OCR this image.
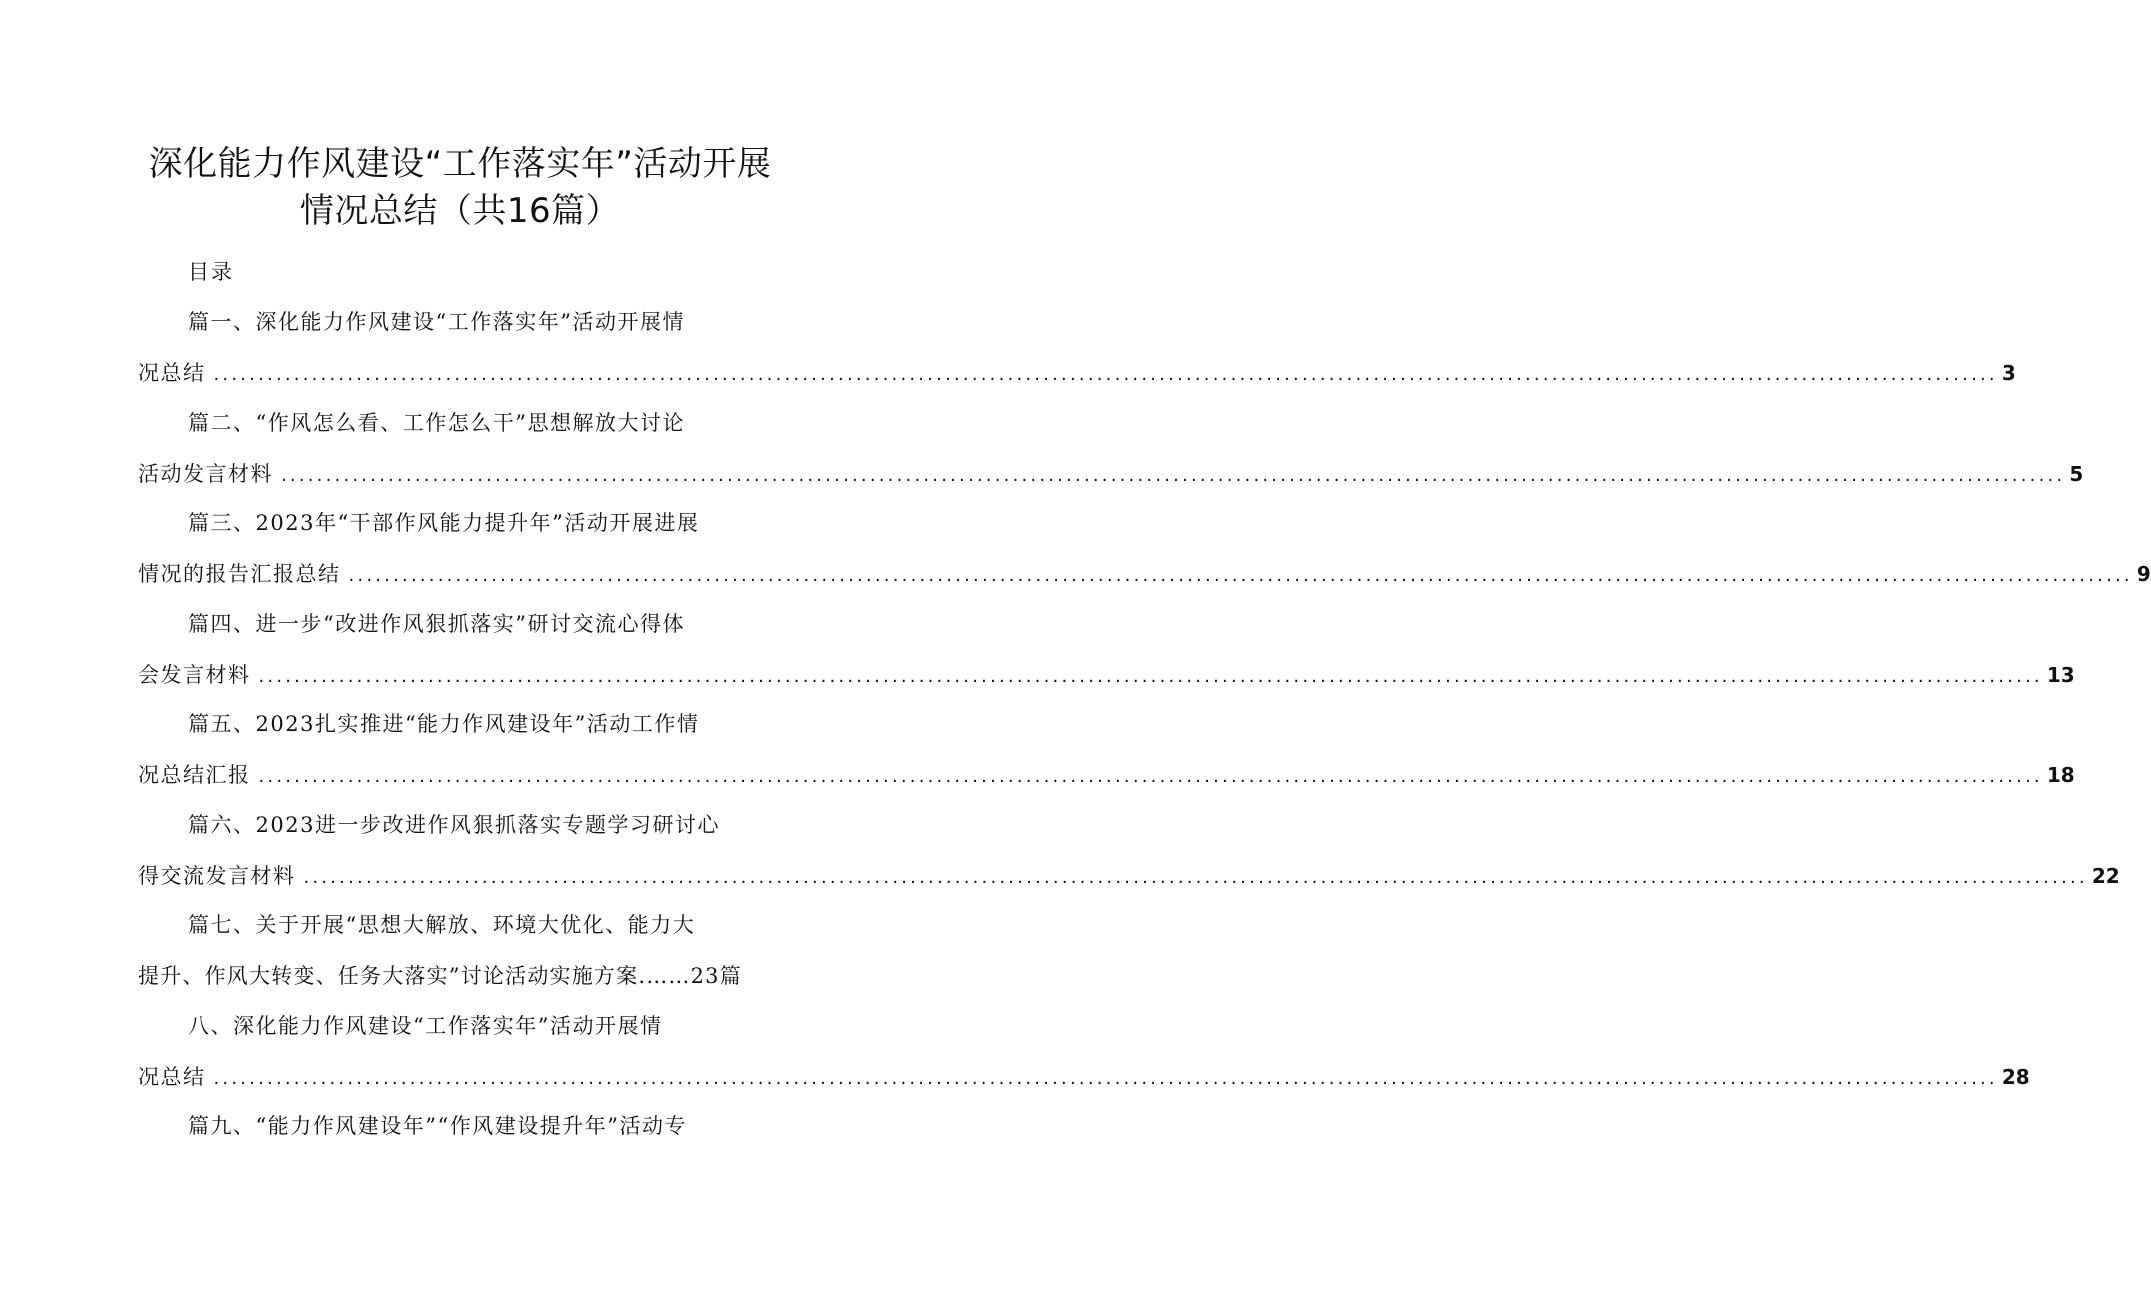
深化能力作风建设“工作落实年”活动开展
情况总结（共16篇）
目录
篇一、深化能力作风建设“工作落实年”活动开展情
况总结 ........................................................................................................................................................................................................ 3
篇二、“作风怎么看、工作怎么干”思想解放大讨论
活动发言材料 ........................................................................................................................................................................................................ 5
篇三、2023年“干部作风能力提升年”活动开展进展
情况的报告汇报总结 ........................................................................................................................................................................................................ 9
篇四、进一步“改进作风狠抓落实”研讨交流心得体
会发言材料 ........................................................................................................................................................................................................ 13
篇五、2023扎实推进“能力作风建设年”活动工作情
况总结汇报 ........................................................................................................................................................................................................ 18
篇六、2023进一步改进作风狠抓落实专题学习研讨心
得交流发言材料 ........................................................................................................................................................................................................ 22
篇七、关于开展“思想大解放、环境大优化、能力大
提升、作风大转变、任务大落实”讨论活动实施方案.……23篇
八、深化能力作风建设“工作落实年”活动开展情
况总结 ........................................................................................................................................................................................................ 28
篇九、“能力作风建设年”“作风建设提升年”活动专
